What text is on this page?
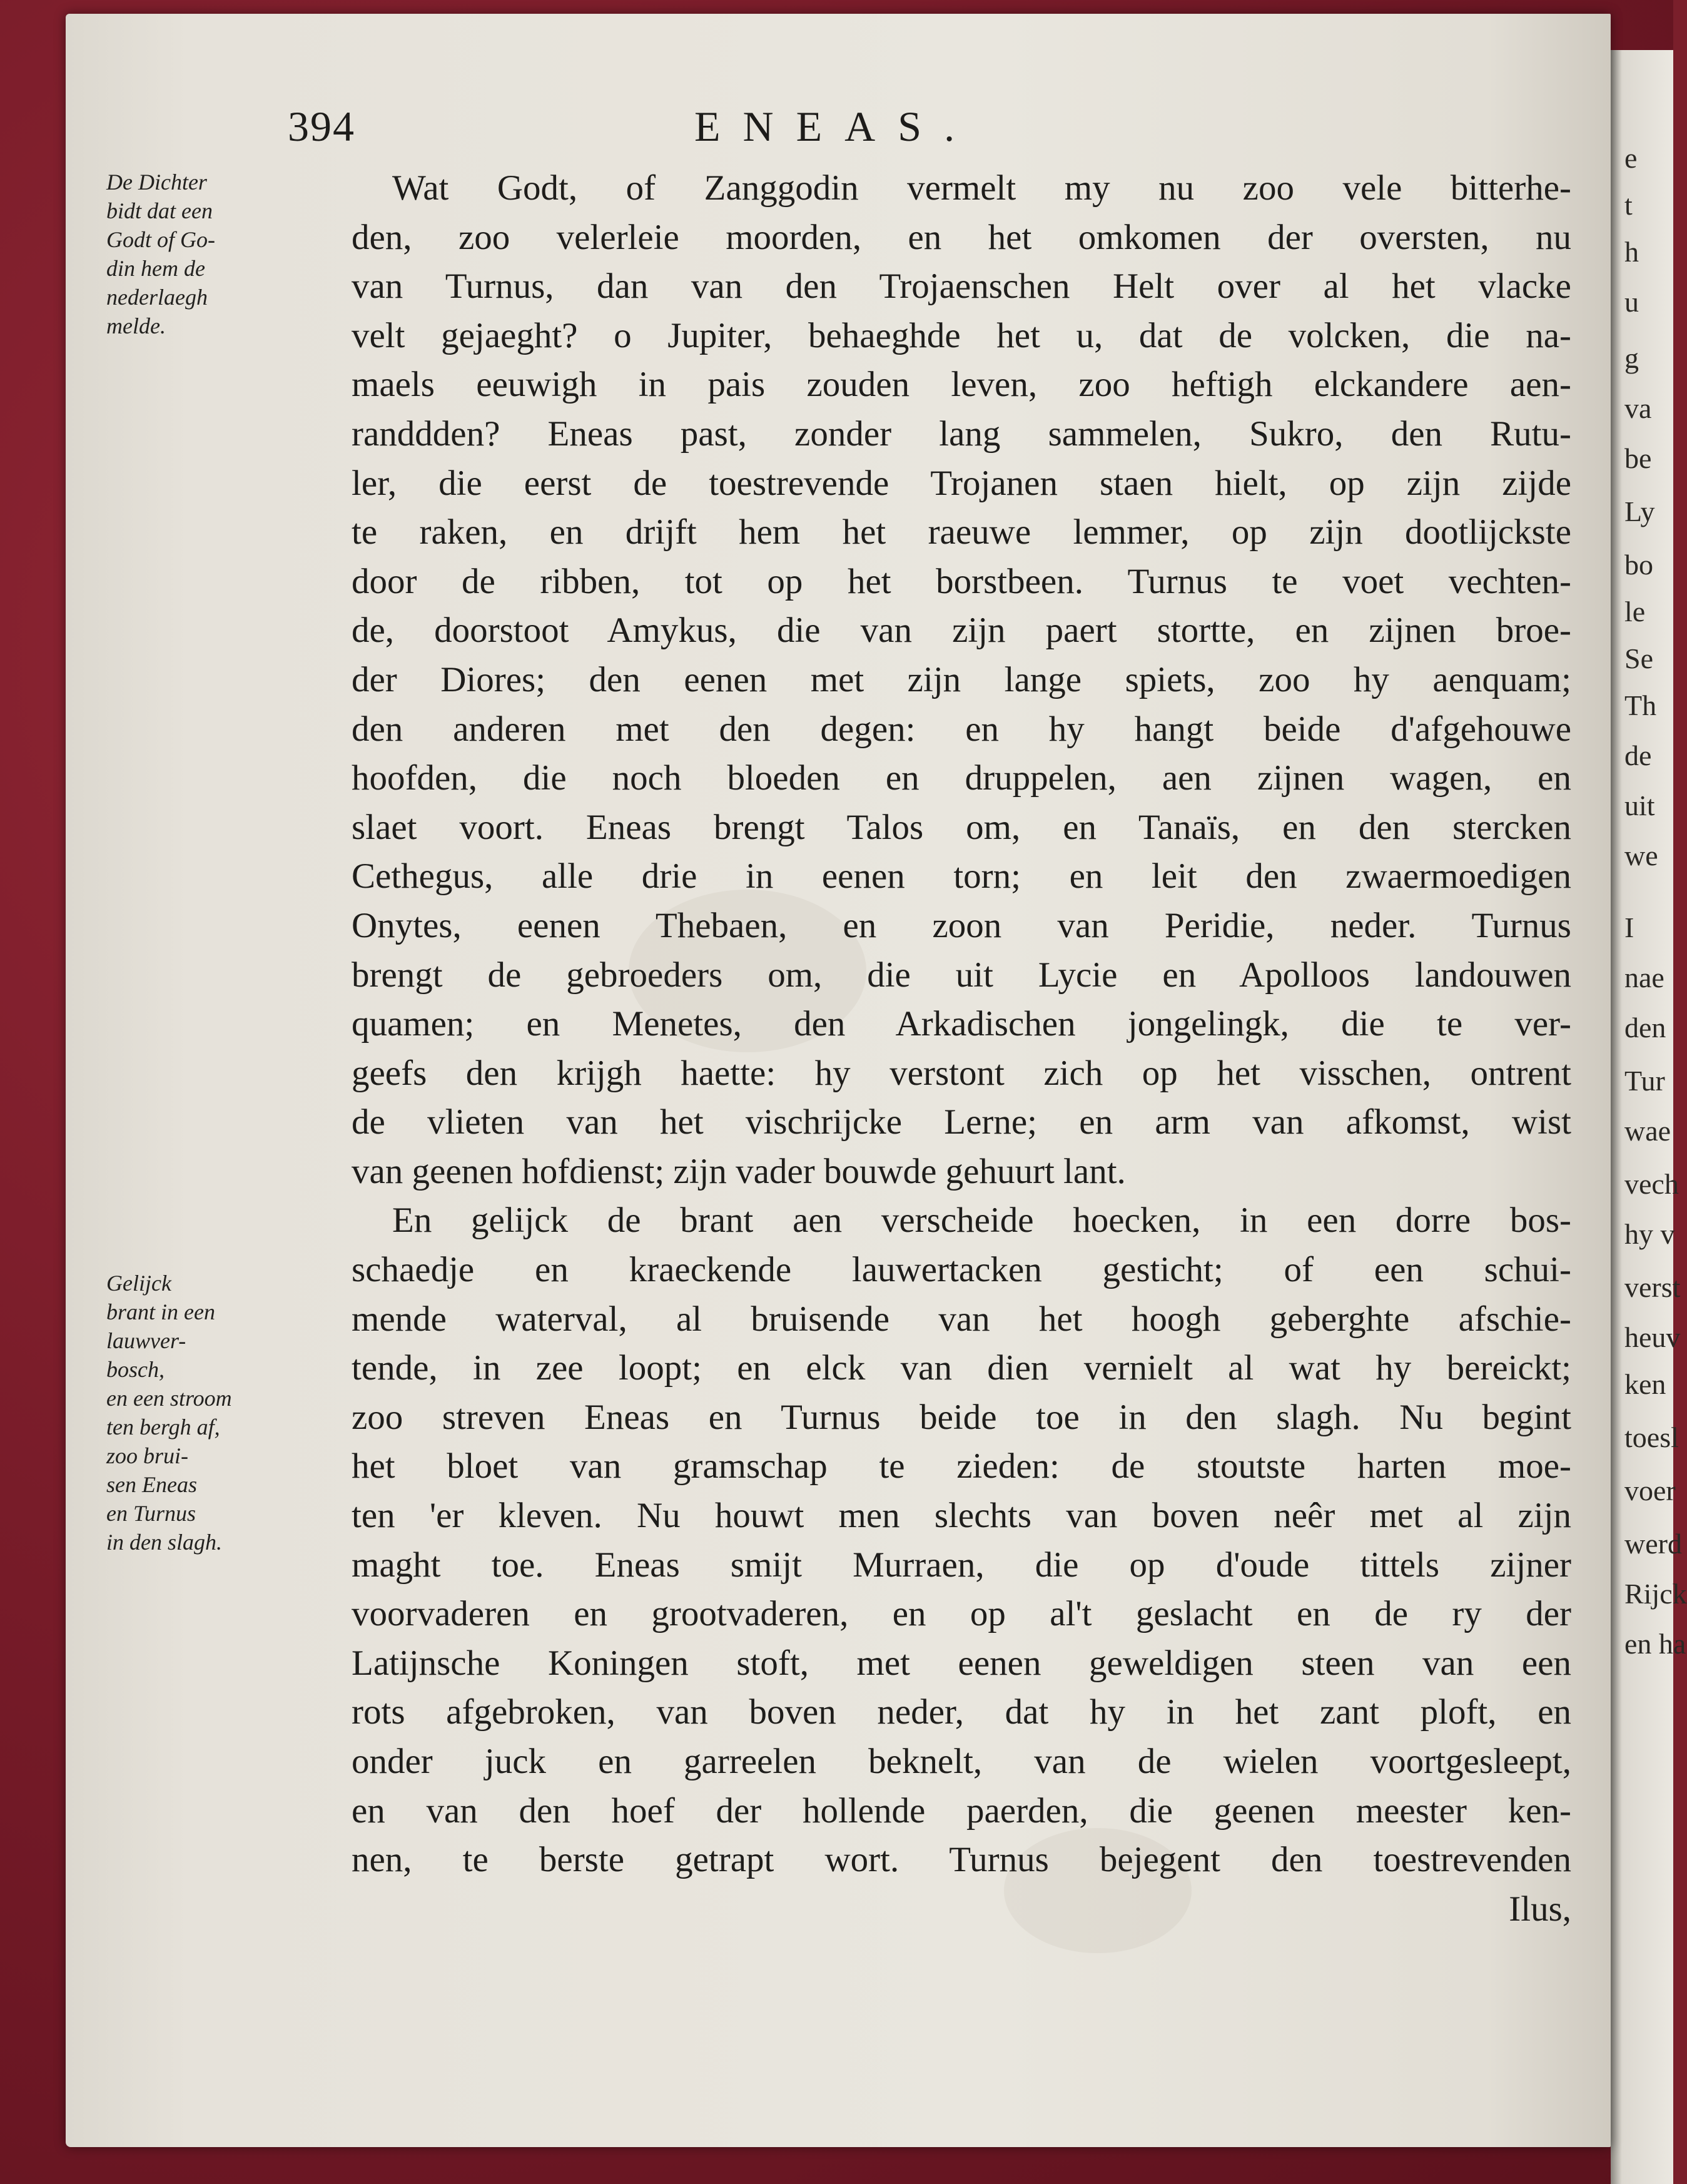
e
t
h
u
g
va
be
Ly
bo
le
Se
Th
de
uit
we
I
nae
den
Tur
wae
vech
hy v
verst
heuv
ken
toesl
voer
werd
Rijck
en ha
394	ENEAS.
De Dichter
bidt dat een
Godt of Go-
din hem de
nederlaegh
melde.
Gelijck
brant in een
lauwver-
bosch,
en een stroom
ten bergh af,
zoo brui-
sen Eneas
en Turnus
in den slagh.
Wat Godt, of Zanggodin vermelt my nu zoo vele bitterhe-
den, zoo velerleie moorden, en het omkomen der oversten, nu
van Turnus, dan van den Trojaenschen Helt over al het vlacke
velt gejaeght? o Jupiter, behaeghde het u, dat de volcken, die na-
maels eeuwigh in pais zouden leven, zoo heftigh elckandere aen-
randdden? Eneas past, zonder lang sammelen, Sukro, den Rutu-
ler, die eerst de toestrevende Trojanen staen hielt, op zijn zijde
te raken, en drijft hem het raeuwe lemmer, op zijn dootlijckste
door de ribben, tot op het borstbeen. Turnus te voet vechten-
de, doorstoot Amykus, die van zijn paert stortte, en zijnen broe-
der Diores; den eenen met zijn lange spiets, zoo hy aenquam;
den anderen met den degen: en hy hangt beide d'afgehouwe
hoofden, die noch bloeden en druppelen, aen zijnen wagen, en
slaet voort. Eneas brengt Talos om, en Tanaïs, en den stercken
Cethegus, alle drie in eenen torn; en leit den zwaermoedigen
Onytes, eenen Thebaen, en zoon van Peridie, neder. Turnus
brengt de gebroeders om, die uit Lycie en Apolloos landouwen
quamen; en Menetes, den Arkadischen jongelingk, die te ver-
geefs den krijgh haette: hy verstont zich op het visschen, ontrent
de vlieten van het vischrijcke Lerne; en arm van afkomst, wist
van geenen hofdienst; zijn vader bouwde gehuurt lant.
En gelijck de brant aen verscheide hoecken, in een dorre bos-
schaedje en kraeckende lauwertacken gesticht; of een schui-
mende waterval, al bruisende van het hoogh geberghte afschie-
tende, in zee loopt; en elck van dien vernielt al wat hy bereickt;
zoo streven Eneas en Turnus beide toe in den slagh. Nu begint
het bloet van gramschap te zieden: de stoutste harten moe-
ten 'er kleven. Nu houwt men slechts van boven neêr met al zijn
maght toe. Eneas smijt Murraen, die op d'oude tittels zijner
voorvaderen en grootvaderen, en op al't geslacht en de ry der
Latijnsche Koningen stoft, met eenen geweldigen steen van een
rots afgebroken, van boven neder, dat hy in het zant ploft, en
onder juck en garreelen beknelt, van de wielen voortgesleept,
en van den hoef der hollende paerden, die geenen meester ken-
nen, te berste getrapt wort. Turnus bejegent den toestrevenden
Ilus,
